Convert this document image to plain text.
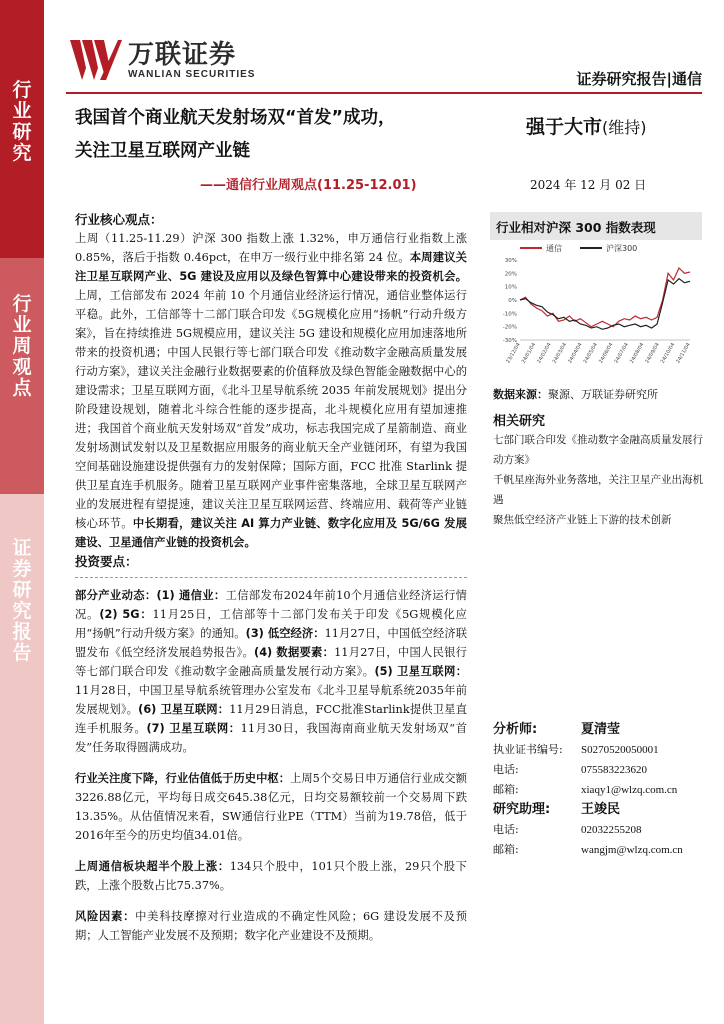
行
业
研
究
行
业
周
观
点
证
券
研
究
报
告
万联证券
WANLIAN SECURITIES	证券研究报告|通信
我国首个商业航天发射场双“首发”成功，
关注卫星互联网产业链
——通信行业周观点(11.25-12.01)
强于大市(维持)
2024 年 12 月 02 日
行业核心观点：

上周（11.25-11.29）沪深 300 指数上涨 1.32%，申万通信行业指数上涨 0.85%，落后于指数 0.46pct，在申万一级行业中排名第 24 位。本周建议关注卫星互联网产业、5G 建设及应用以及绿色智算中心建设带来的投资机会。上周，工信部发布 2024 年前 10 个月通信业经济运行情况，通信业整体运行平稳。此外，工信部等十二部门联合印发《5G规模化应用“扬帆”行动升级方案》，旨在持续推进 5G规模应用，建议关注 5G 建设和规模化应用加速落地所带来的投资机遇；中国人民银行等七部门联合印发《推动数字金融高质量发展行动方案》，建议关注金融行业数据要素的价值释放及绿色智能金融数据中心的建设需求；卫星互联网方面，《北斗卫星导航系统 2035 年前发展规划》提出分阶段建设规划，随着北斗综合性能的逐步提高，北斗规模化应用有望加速推进；我国首个商业航天发射场双“首发”成功，标志我国完成了星箭制造、商业发射场测试发射以及卫星数据应用服务的商业航天全产业链闭环，有望为我国空间基础设施建设提供强有力的发射保障；国际方面，FCC 批准 Starlink 提供卫星直连手机服务。随着卫星互联网产业事件密集落地，全球卫星互联网产业的发展进程有望提速，建议关注卫星互联网运营、终端应用、载荷等产业链核心环节。中长期看，建议关注 AI 算力产业链、数字化应用及 5G/6G 发展建设、卫星通信产业链的投资机会。

投资要点：

部分产业动态：(1) 通信业：工信部发布2024年前10个月通信业经济运行情况。(2) 5G：11月25日，工信部等十二部门发布关于印发《5G规模化应用“扬帆”行动升级方案》的通知。(3) 低空经济：11月27日，中国低空经济联盟发布《低空经济发展趋势报告》。(4) 数据要素：11月27日，中国人民银行等七部门联合印发《推动数字金融高质量发展行动方案》。(5) 卫星互联网：11月28日，中国卫星导航系统管理办公室发布《北斗卫星导航系统2035年前发展规划》。(6) 卫星互联网：11月29日消息，FCC批准Starlink提供卫星直连手机服务。(7) 卫星互联网：11月30日，我国海南商业航天发射场双“首发”任务取得圆满成功。

行业关注度下降，行业估值低于历史中枢：上周5个交易日申万通信行业成交额3226.88亿元，平均每日成交645.38亿元，日均交易额较前一个交易周下跌13.35%。从估值情况来看，SW通信行业PE（TTM）当前为19.78倍，低于2016年至今的历史均值34.01倍。

上周通信板块超半个股上涨：134只个股中，101只个股上涨，29只个股下跌，上涨个股数占比75.37%。

风险因素：中美科技摩擦对行业造成的不确定性风险；6G 建设发展不及预期；人工智能产业发展不及预期；数字化产业建设不及预期。

行业相对沪深 300 指数表现
通信	沪深300
30%
20%
10%
0%
-10%
-20%
-30%
23/12/04 24/01/04 24/02/04 24/03/04 24/04/04 24/05/04 24/06/04 24/07/04 24/08/04 24/09/04 24/10/04 24/11/04
数据来源：聚源、万联证券研究所
相关研究
七部门联合印发《推动数字金融高质量发展行动方案》
千帆星座海外业务落地，关注卫星产业出海机遇
聚焦低空经济产业链上下游的技术创新
分析师:	夏清莹
执业证书编号:	S0270520050001
电话:	075583223620
邮箱:	xiaqy1@wlzq.com.cn
研究助理:	王竣民
电话:	02032255208
邮箱:	wangjm@wlzq.com.cn
